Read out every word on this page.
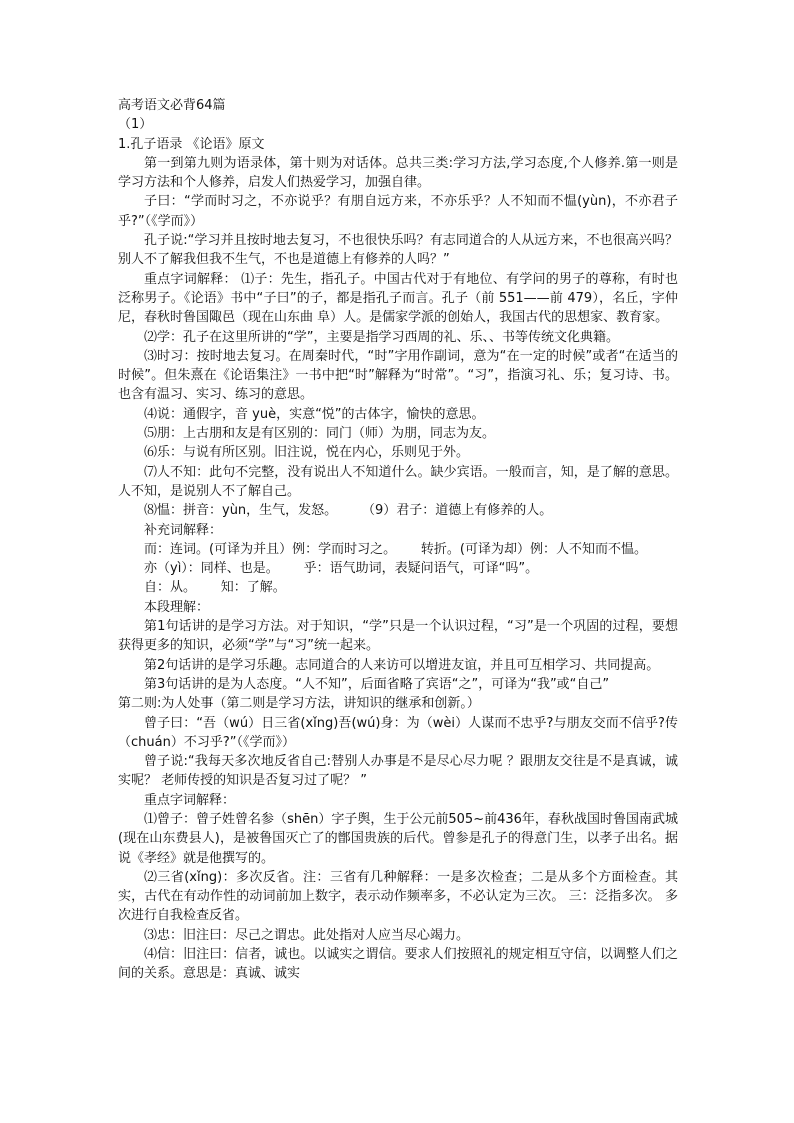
高考语文必背64篇

（1）

1.孔子语录 《论语》原文

第一到第九则为语录体，第十则为对话体。总共三类:学习方法,学习态度,个人修养.第一则是学习方法和个人修养，启发人们热爱学习，加强自律。

子曰：“学而时习之，不亦说乎？有朋自远方来，不亦乐乎？人不知而不愠(yùn)，不亦君子乎?”（《学而》）

孔子说:“学习并且按时地去复习，不也很快乐吗？有志同道合的人从远方来，不也很高兴吗？别人不了解我但我不生气，不也是道德上有修养的人吗？”

重点字词解释： ⑴子：先生，指孔子。中国古代对于有地位、有学问的男子的尊称，有时也泛称男子。《论语》书中“子曰”的子，都是指孔子而言。孔子（前 551——前 479），名丘，字仲尼，春秋时鲁国陬邑（现在山东曲 阜）人。是儒家学派的创始人，我国古代的思想家、教育家。

⑵学：孔子在这里所讲的“学”，主要是指学习西周的礼、乐、、书等传统文化典籍。

⑶时习：按时地去复习。在周秦时代，“时”字用作副词，意为“在一定的时候”或者“在适当的时候”。但朱熹在《论语集注》一书中把“时”解释为“时常”。“习”，指演习礼、乐；复习诗、书。也含有温习、实习、练习的意思。

⑷说：通假字，音 yuè，实意“悦”的古体字，愉快的意思。

⑸朋：上古朋和友是有区别的：同门（师）为朋，同志为友。

⑹乐：与说有所区别。旧注说，悦在内心，乐则见于外。

⑺人不知：此句不完整，没有说出人不知道什么。缺少宾语。一般而言，知，是了解的意思。人不知，是说别人不了解自己。

⑻愠：拼音：yùn，生气，发怒。      （9）君子：道德上有修养的人。

补充词解释：

而：连词。(可译为并且）例：学而时习之。      转折。(可译为却）例：人不知而不愠。

亦（yì）：同样、也是。      乎：语气助词，表疑问语气，可译“吗”。

自：从。      知：了解。

本段理解：

第1句话讲的是学习方法。对于知识，“学”只是一个认识过程，“习”是一个巩固的过程，要想获得更多的知识，必须“学”与“习”统一起来。

第2句话讲的是学习乐趣。志同道合的人来访可以增进友谊，并且可互相学习、共同提高。

第3句话讲的是为人态度。“人不知”，后面省略了宾语“之”，可译为“我”或“自己”

第二则:为人处事（第二则是学习方法，讲知识的继承和创新。）

曾子曰：“吾（wú）日三省(xǐng)吾(wú)身：为（wèi）人谋而不忠乎?与朋友交而不信乎?传（chuán）不习乎?”（《学而》）

曾子说:“我每天多次地反省自己:替别人办事是不是尽心尽力呢 ？跟朋友交往是不是真诚，诚实呢？ 老师传授的知识是否复习过了呢？ ”

重点字词解释：

⑴曾子：曾子姓曾名参（shēn）字子舆，生于公元前505~前436年，春秋战国时鲁国南武城(现在山东费县人)，是被鲁国灭亡了的鄫国贵族的后代。曾参是孔子的得意门生，以孝子出名。据说《孝经》就是他撰写的。

⑵三省(xǐng)：多次反省。注：三省有几种解释：一是多次检查；二是从多个方面检查。其实，古代在有动作性的动词前加上数字，表示动作频率多，不必认定为三次。 三：泛指多次。 多次进行自我检查反省。

⑶忠：旧注曰：尽己之谓忠。此处指对人应当尽心竭力。

⑷信：旧注曰：信者，诚也。以诚实之谓信。要求人们按照礼的规定相互守信，以调整人们之间的关系。意思是：真诚、诚实
